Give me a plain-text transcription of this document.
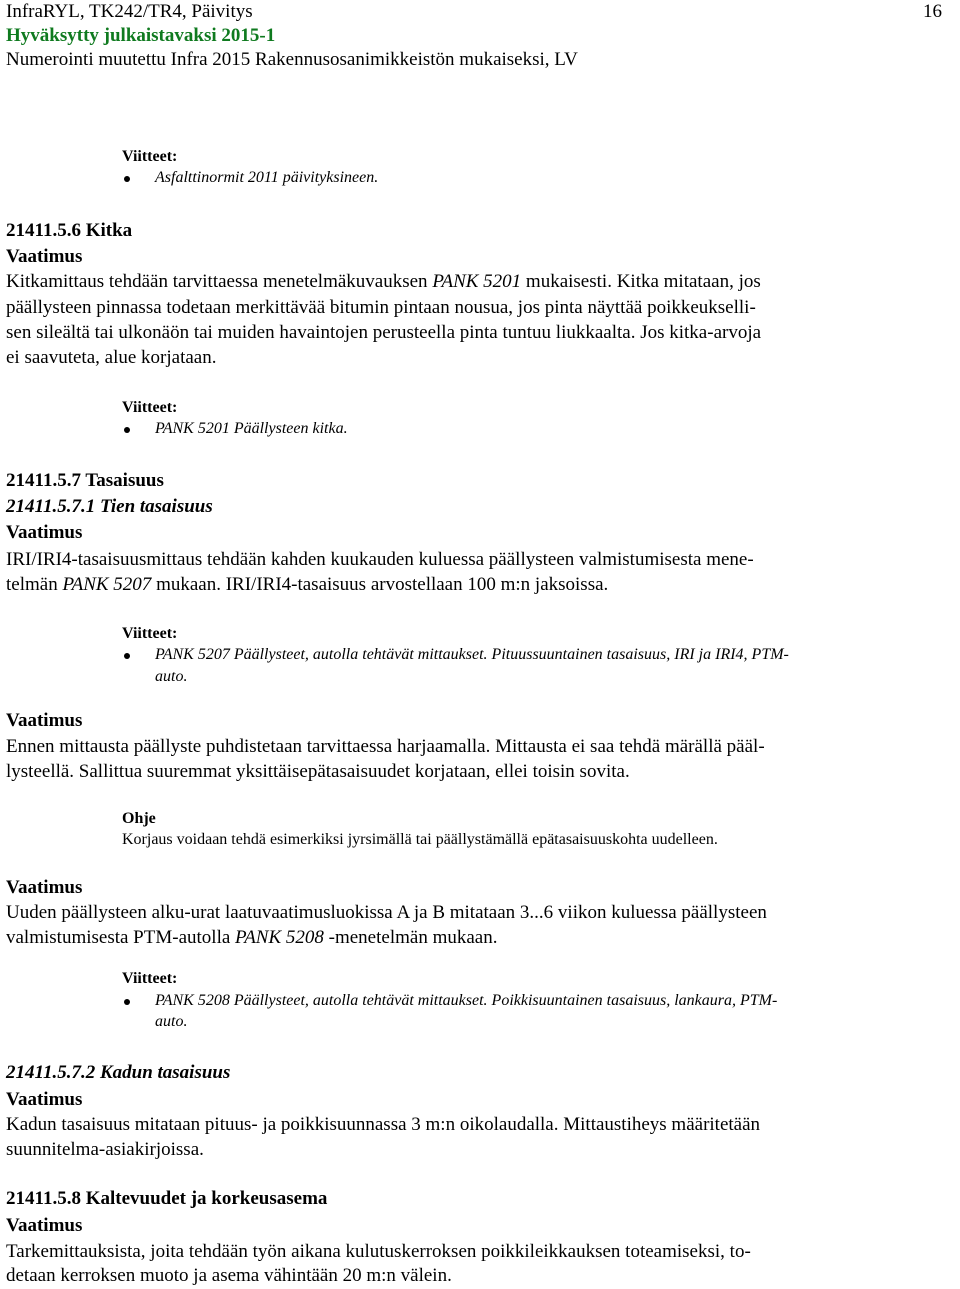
InfraRYL, TK242/TR4, Päivitys
Hyväksytty julkaistavaksi 2015-1
Numerointi muutettu Infra 2015 Rakennusosanimikkeistön mukaiseksi, LV
16
Viitteet:
Asfalttinormit 2011 päivityksineen.
21411.5.6 Kitka
Vaatimus
Kitkamittaus tehdään tarvittaessa menetelmäkuvauksen PANK 5201 mukaisesti. Kitka mitataan, jos
päällysteen pinnassa todetaan merkittävää bitumin pintaan nousua, jos pinta näyttää poikkeukselli-
sen sileältä tai ulkonäön tai muiden havaintojen perusteella pinta tuntuu liukkaalta. Jos kitka-arvoja
ei saavuteta, alue korjataan.
Viitteet:
PANK 5201 Päällysteen kitka.
21411.5.7 Tasaisuus
21411.5.7.1 Tien tasaisuus
Vaatimus
IRI/IRI4-tasaisuusmittaus tehdään kahden kuukauden kuluessa päällysteen valmistumisesta mene-
telmän PANK 5207 mukaan. IRI/IRI4-tasaisuus arvostellaan 100 m:n jaksoissa.
Viitteet:
PANK 5207 Päällysteet, autolla tehtävät mittaukset. Pituussuuntainen tasaisuus, IRI ja IRI4, PTM-
auto.
Vaatimus
Ennen mittausta päällyste puhdistetaan tarvittaessa harjaamalla. Mittausta ei saa tehdä märällä pääl-
lysteellä. Sallittua suuremmat yksittäisepätasaisuudet korjataan, ellei toisin sovita.
Ohje
Korjaus voidaan tehdä esimerkiksi jyrsimällä tai päällystämällä epätasaisuuskohta uudelleen.
Vaatimus
Uuden päällysteen alku-urat laatuvaatimusluokissa A ja B mitataan 3...6 viikon kuluessa päällysteen
valmistumisesta PTM-autolla PANK 5208 -menetelmän mukaan.
Viitteet:
PANK 5208 Päällysteet, autolla tehtävät mittaukset. Poikkisuuntainen tasaisuus, lankaura, PTM-
auto.
21411.5.7.2 Kadun tasaisuus
Vaatimus
Kadun tasaisuus mitataan pituus- ja poikkisuunnassa 3 m:n oikolaudalla. Mittaustiheys määritetään
suunnitelma-asiakirjoissa.
21411.5.8 Kaltevuudet ja korkeusasema
Vaatimus
Tarkemittauksista, joita tehdään työn aikana kulutuskerroksen poikkileikkauksen toteamiseksi, to-
detaan kerroksen muoto ja asema vähintään 20 m:n välein.
